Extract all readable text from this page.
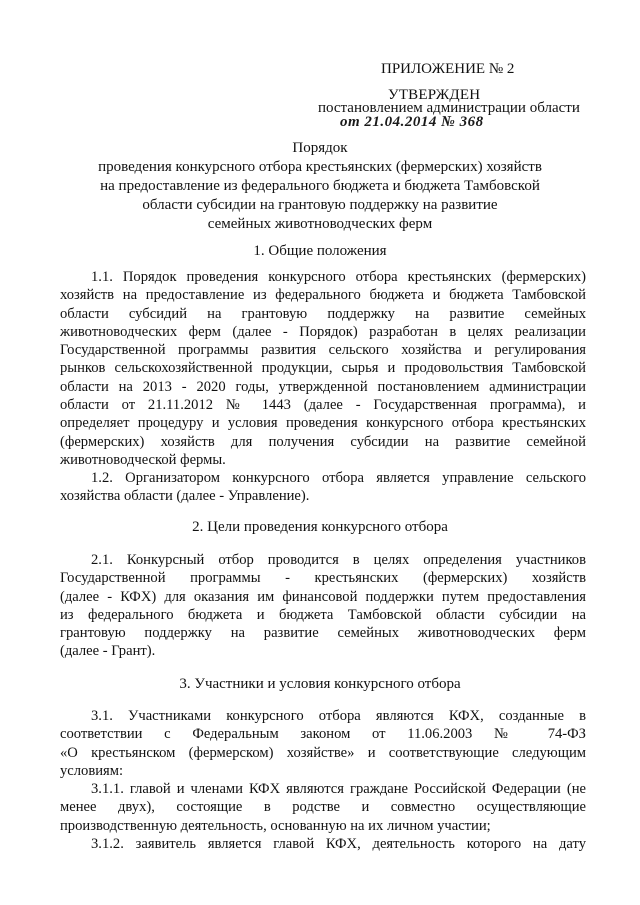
ПРИЛОЖЕНИЕ № 2
УТВЕРЖДЕН
постановлением администрации области
от 21.04.2014 № 368
Порядок
проведения конкурсного отбора крестьянских (фермерских) хозяйств
на предоставление из федерального бюджета и бюджета Тамбовской
области субсидии на грантовую поддержку на развитие
семейных животноводческих ферм
1. Общие положения
1.1. Порядок проведения конкурсного отбора крестьянских (фермерских)
хозяйств на предоставление из федерального бюджета и бюджета Тамбовской
области субсидий на грантовую поддержку на развитие семейных
животноводческих ферм (далее - Порядок) разработан в целях реализации
Государственной программы развития сельского хозяйства и регулирования
рынков сельскохозяйственной продукции, сырья и продовольствия Тамбовской
области на 2013 - 2020 годы, утвержденной постановлением администрации
области от 21.11.2012 № 1443 (далее - Государственная программа), и
определяет процедуру и условия проведения конкурсного отбора крестьянских
(фермерских) хозяйств для получения субсидии на развитие семейной
животноводческой фермы.
1.2. Организатором конкурсного отбора является управление сельского
хозяйства области (далее - Управление).
2. Цели проведения конкурсного отбора
2.1. Конкурсный отбор проводится в целях определения участников
Государственной программы - крестьянских (фермерских) хозяйств
(далее - КФХ) для оказания им финансовой поддержки путем предоставления
из федерального бюджета и бюджета Тамбовской области субсидии на
грантовую поддержку на развитие семейных животноводческих ферм
(далее - Грант).
3. Участники и условия конкурсного отбора
3.1. Участниками конкурсного отбора являются КФХ, созданные в
соответствии с Федеральным законом от 11.06.2003 № 74-ФЗ
«О крестьянском (фермерском) хозяйстве» и соответствующие следующим
условиям:
3.1.1. главой и членами КФХ являются граждане Российской Федерации (не
менее двух), состоящие в родстве и совместно осуществляющие
производственную деятельность, основанную на их личном участии;
3.1.2. заявитель является главой КФХ, деятельность которого на дату
